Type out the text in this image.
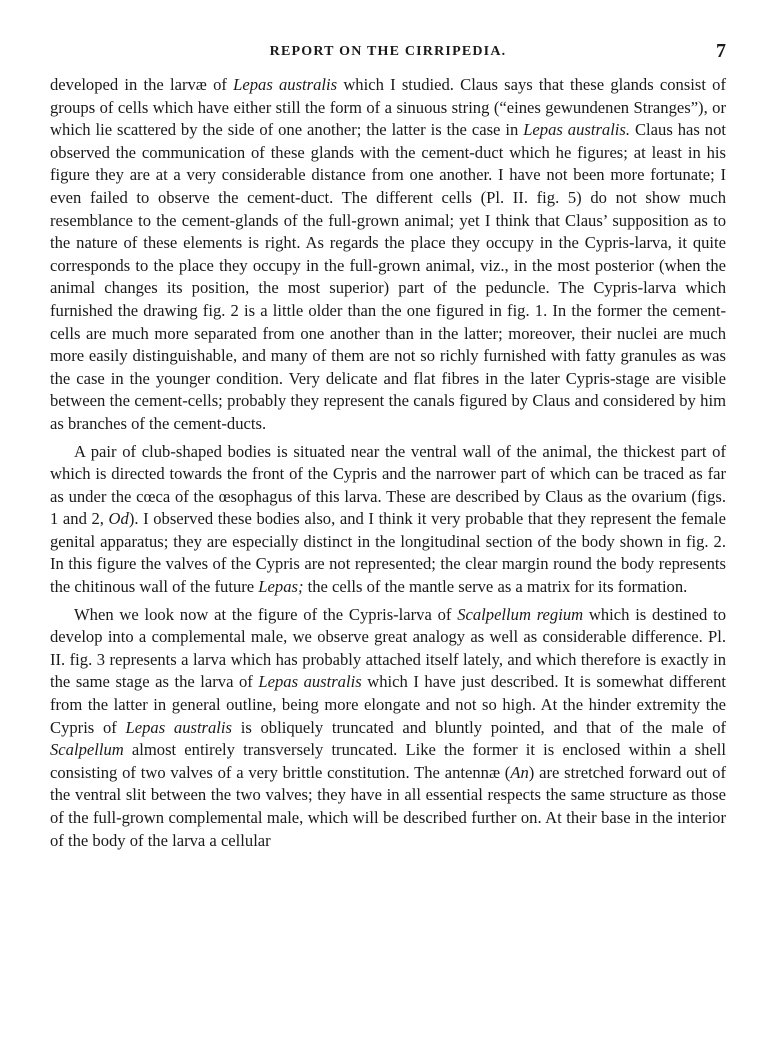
REPORT ON THE CIRRIPEDIA.	7

developed in the larvæ of Lepas australis which I studied. Claus says that these glands consist of groups of cells which have either still the form of a sinuous string (“eines gewundenen Stranges”), or which lie scattered by the side of one another; the latter is the case in Lepas australis. Claus has not observed the communication of these glands with the cement-duct which he figures; at least in his figure they are at a very considerable distance from one another. I have not been more fortunate; I even failed to observe the cement-duct. The different cells (Pl. II. fig. 5) do not show much resemblance to the cement-glands of the full-grown animal; yet I think that Claus’ supposition as to the nature of these elements is right. As regards the place they occupy in the Cypris-larva, it quite corresponds to the place they occupy in the full-grown animal, viz., in the most posterior (when the animal changes its position, the most superior) part of the peduncle. The Cypris-larva which furnished the drawing fig. 2 is a little older than the one figured in fig. 1. In the former the cement-cells are much more separated from one another than in the latter; moreover, their nuclei are much more easily distinguishable, and many of them are not so richly furnished with fatty granules as was the case in the younger condition. Very delicate and flat fibres in the later Cypris-stage are visible between the cement-cells; probably they represent the canals figured by Claus and considered by him as branches of the cement-ducts.

A pair of club-shaped bodies is situated near the ventral wall of the animal, the thickest part of which is directed towards the front of the Cypris and the narrower part of which can be traced as far as under the cœca of the œsophagus of this larva. These are described by Claus as the ovarium (figs. 1 and 2, Od). I observed these bodies also, and I think it very probable that they represent the female genital apparatus; they are especially distinct in the longitudinal section of the body shown in fig. 2. In this figure the valves of the Cypris are not represented; the clear margin round the body represents the chitinous wall of the future Lepas; the cells of the mantle serve as a matrix for its formation.

When we look now at the figure of the Cypris-larva of Scalpellum regium which is destined to develop into a complemental male, we observe great analogy as well as considerable difference. Pl. II. fig. 3 represents a larva which has probably attached itself lately, and which therefore is exactly in the same stage as the larva of Lepas australis which I have just described. It is somewhat different from the latter in general outline, being more elongate and not so high. At the hinder extremity the Cypris of Lepas australis is obliquely truncated and bluntly pointed, and that of the male of Scalpellum almost entirely transversely truncated. Like the former it is enclosed within a shell consisting of two valves of a very brittle constitution. The antennæ (An) are stretched forward out of the ventral slit between the two valves; they have in all essential respects the same structure as those of the full-grown complemental male, which will be described further on. At their base in the interior of the body of the larva a cellular
